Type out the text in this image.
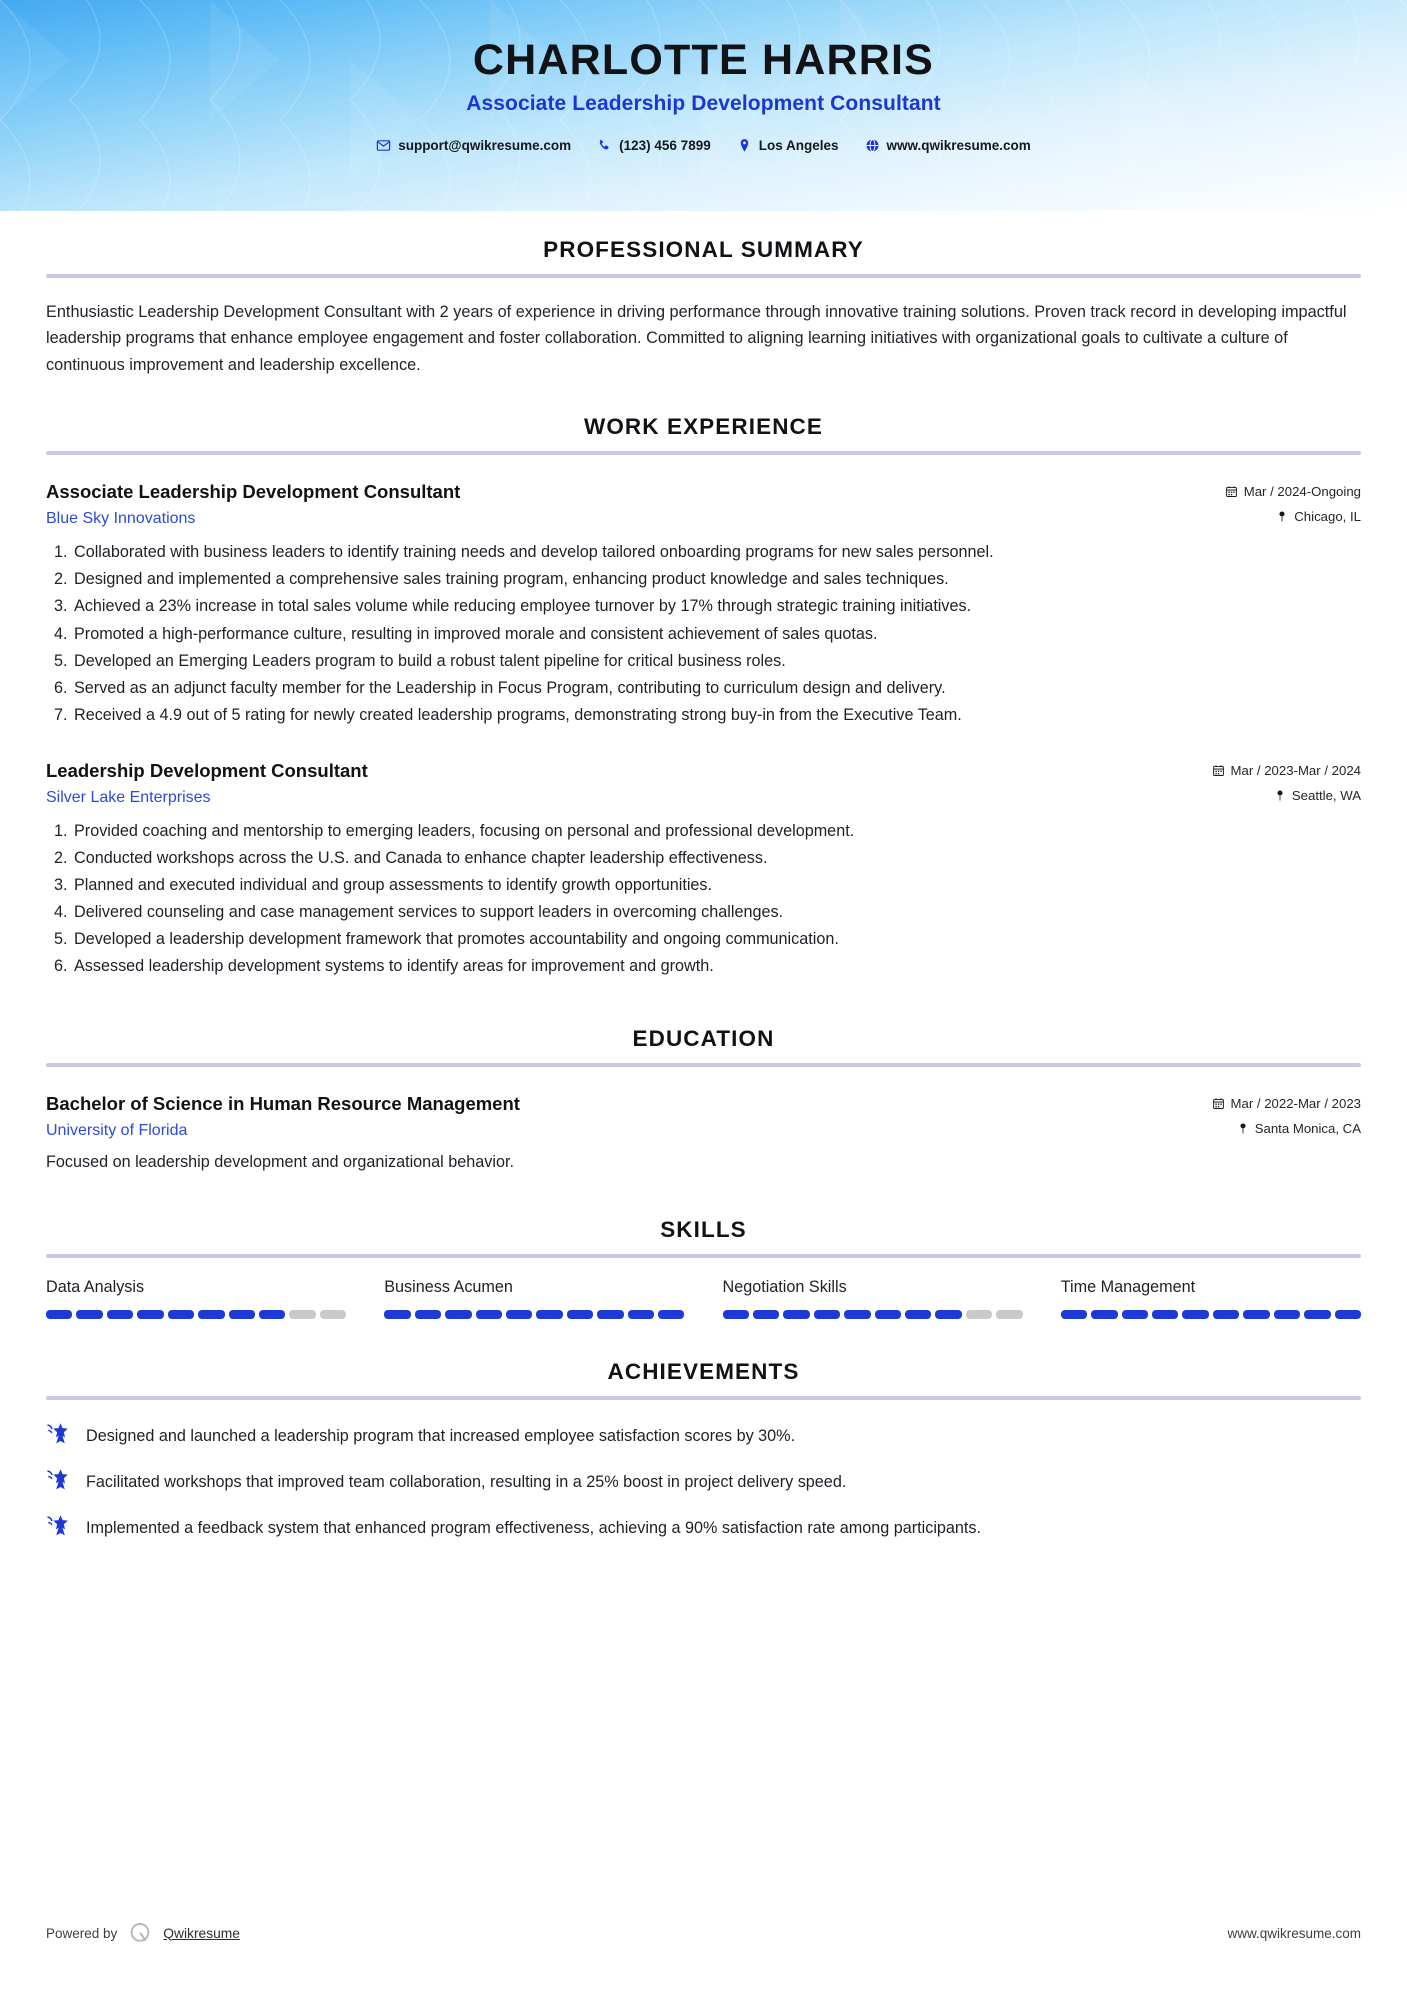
CHARLOTTE HARRIS
Associate Leadership Development Consultant
support@qwikresume.com	(123) 456 7899	Los Angeles	www.qwikresume.com
PROFESSIONAL SUMMARY

Enthusiastic Leadership Development Consultant with 2 years of experience in driving performance through innovative training solutions. Proven track record in developing impactful leadership programs that enhance employee engagement and foster collaboration. Committed to aligning learning initiatives with organizational goals to cultivate a culture of continuous improvement and leadership excellence.

WORK EXPERIENCE
Associate Leadership Development Consultant	Mar / 2024-Ongoing
Blue Sky Innovations	Chicago, IL
Collaborated with business leaders to identify training needs and develop tailored onboarding programs for new sales personnel.
Designed and implemented a comprehensive sales training program, enhancing product knowledge and sales techniques.
Achieved a 23% increase in total sales volume while reducing employee turnover by 17% through strategic training initiatives.
Promoted a high-performance culture, resulting in improved morale and consistent achievement of sales quotas.
Developed an Emerging Leaders program to build a robust talent pipeline for critical business roles.
Served as an adjunct faculty member for the Leadership in Focus Program, contributing to curriculum design and delivery.
Received a 4.9 out of 5 rating for newly created leadership programs, demonstrating strong buy-in from the Executive Team.
Leadership Development Consultant	Mar / 2023-Mar / 2024
Silver Lake Enterprises	Seattle, WA
Provided coaching and mentorship to emerging leaders, focusing on personal and professional development.
Conducted workshops across the U.S. and Canada to enhance chapter leadership effectiveness.
Planned and executed individual and group assessments to identify growth opportunities.
Delivered counseling and case management services to support leaders in overcoming challenges.
Developed a leadership development framework that promotes accountability and ongoing communication.
Assessed leadership development systems to identify areas for improvement and growth.
EDUCATION
Bachelor of Science in Human Resource Management	Mar / 2022-Mar / 2023
University of Florida	Santa Monica, CA

Focused on leadership development and organizational behavior.

SKILLS
Data Analysis	Business Acumen	Negotiation Skills	Time Management
ACHIEVEMENTS
Designed and launched a leadership program that increased employee satisfaction scores by 30%.
Facilitated workshops that improved team collaboration, resulting in a 25% boost in project delivery speed.
Implemented a feedback system that enhanced program effectiveness, achieving a 90% satisfaction rate among participants.
Powered by	Qwikresume	www.qwikresume.com
